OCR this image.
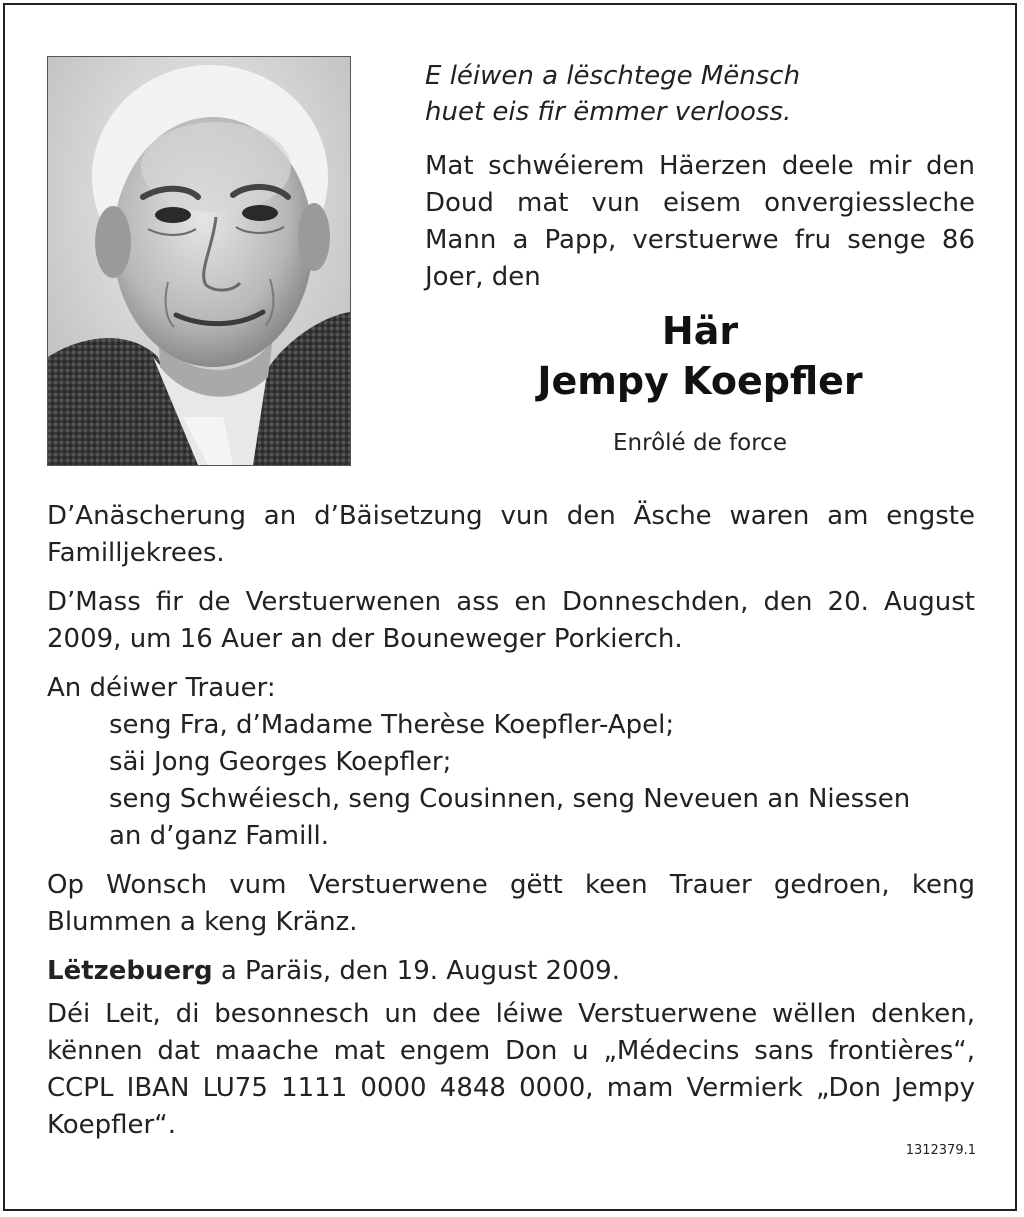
E léiwen a lëschtege Mënsch
huet eis fir ëmmer verlooss.
Mat schwéierem Häerzen deele mir den Doud mat vun eisem onvergiessleche Mann a Papp, verstuerwe fru senge 86 Joer, den
Här
Jempy Koepfler
Enrôlé de force

D’Anäscherung an d’Bäisetzung vun den Äsche waren am engste Familljekrees.

D’Mass fir de Verstuerwenen ass en Donneschden, den 20. August 2009, um 16 Auer an der Bouneweger Porkierch.

An déiwer Trauer:
seng Fra, d’Madame Therèse Koepfler-Apel;
säi Jong Georges Koepfler;
seng Schwéiesch, seng Cousinnen, seng Neveuen an Niessen
an d’ganz Famill.

Op Wonsch vum Verstuerwene gëtt keen Trauer gedroen, keng Blummen a keng Kränz.

Lëtzebuerg a Paräis, den 19. August 2009.

Déi Leit, di besonnesch un dee léiwe Verstuerwene wëllen denken, kënnen dat maache mat engem Don u „Médecins sans frontières“, CCPL IBAN LU75 1111 0000 4848 0000, mam Vermierk „Don Jempy Koepfler“.

1312379.1
